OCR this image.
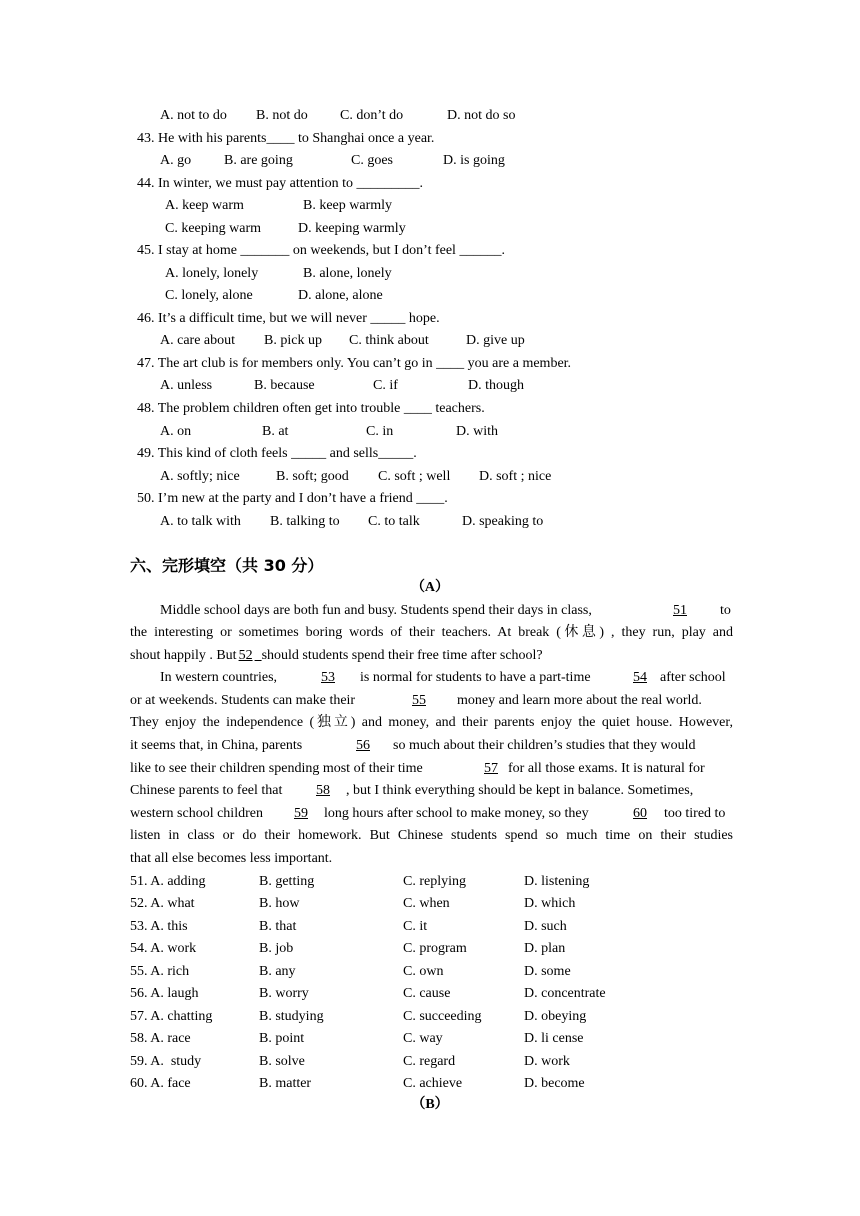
A. not to do B. not do C. don’t do	D. not do so
43. He with his parents____ to Shanghai once a year.
A. go B. are going	C. goes	D. is going
44. In winter, we must pay attention to _________.
A. keep warm	B. keep warmly
C. keeping warm	D. keeping warmly
45. I stay at home _______ on weekends, but I don’t feel ______.
A. lonely, lonely	B. alone, lonely
C. lonely, alone	D. alone, alone
46. It’s a difficult time, but we will never _____ hope.
A. care about B. pick up C. think about	D. give up
47. The art club is for members only. You can’t go in ____ you are a member.
A. unless	B. because	C. if	D. though
48. The problem children often get into trouble ____ teachers.
A. on	B. at	C. in	D. with
49. This kind of cloth feels _____ and sells_____.
A. softly; nice	B. soft; good C. soft ; well D. soft ; nice
50. I’m new at the party and I don’t have a friend ____.
A. to talk with B. talking to C. to talk	D. speaking to
六、完形填空（共 30 分）
（A）
Middle school days are both fun and busy. Students spend their days in class,	51	to
the interesting or sometimes boring words of their teachers. At break (休息) , they run, play and
shout happily . But 52 should students spend their free time after school?
In western countries,	53	is normal for students to have a part-time	54 after school
or at weekends. Students can make their	55	money and learn more about the real world.
They enjoy the independence (独立) and money, and their parents enjoy the quiet house. However,
it seems that, in China, parents	56	so much about their children’s studies that they would
like to see their children spending most of their time	57 for all those exams. It is natural for
Chinese parents to feel that	58	, but I think everything should be kept in balance. Sometimes,
western school children	59	long hours after school to make money, so they	60 too tired to
listen in class or do their homework. But Chinese students spend so much time on their studies
that all else becomes less important.
51. A. adding	B. getting	C. replying	D. listening
52. A. what	B. how	C. when	D. which
53. A. this	B. that	C. it	D. such
54. A. work	B. job	C. program	D. plan
55. A. rich	B. any	C. own	D. some
56. A. laugh	B. worry	C. cause	D. concentrate
57. A. chatting	B. studying	C. succeeding	D. obeying
58. A. race	B. point	C. way	D. li cense
59. A.  study	B. solve	C. regard	D. work
60. A. face	B. matter	C. achieve	D. become
（B）
